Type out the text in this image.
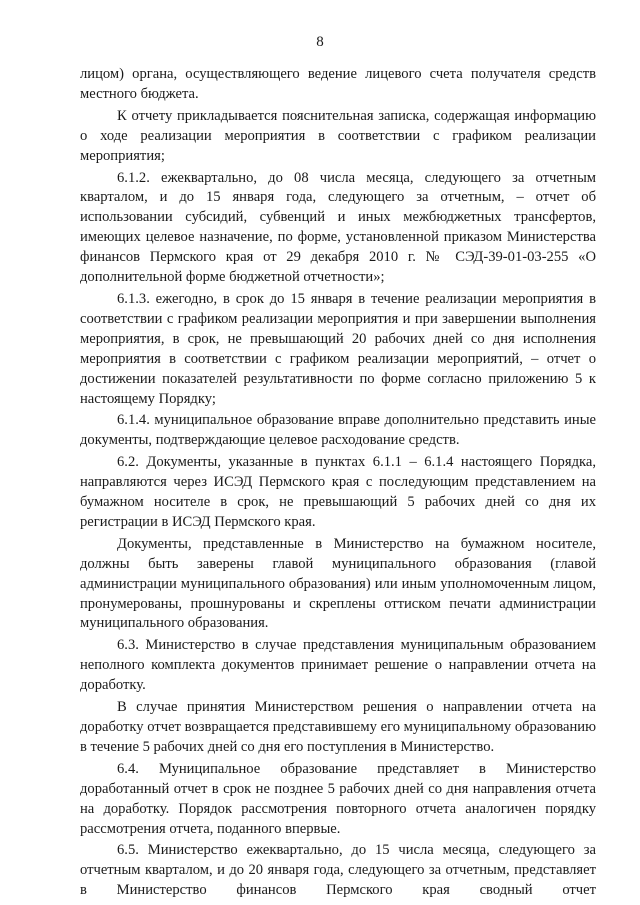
8

лицом) органа, осуществляющего ведение лицевого счета получателя средств местного бюджета.

К отчету прикладывается пояснительная записка, содержащая информацию о ходе реализации мероприятия в соответствии с графиком реализации мероприятия;

6.1.2. ежеквартально, до 08 числа месяца, следующего за отчетным кварталом, и до 15 января года, следующего за отчетным, – отчет об использовании субсидий, субвенций и иных межбюджетных трансфертов, имеющих целевое назначение, по форме, установленной приказом Министерства финансов Пермского края от 29 декабря 2010 г. № СЭД-39-01-03-255 «О дополнительной форме бюджетной отчетности»;

6.1.3. ежегодно, в срок до 15 января в течение реализации мероприятия в соответствии с графиком реализации мероприятия и при завершении выполнения мероприятия, в срок, не превышающий 20 рабочих дней со дня исполнения мероприятия в соответствии с графиком реализации мероприятий, – отчет о достижении показателей результативности по форме согласно приложению 5 к настоящему Порядку;

6.1.4. муниципальное образование вправе дополнительно представить иные документы, подтверждающие целевое расходование средств.

6.2. Документы, указанные в пунктах 6.1.1 – 6.1.4 настоящего Порядка, направляются через ИСЭД Пермского края с последующим представлением на бумажном носителе в срок, не превышающий 5 рабочих дней со дня их регистрации в ИСЭД Пермского края.

Документы, представленные в Министерство на бумажном носителе, должны быть заверены главой муниципального образования (главой администрации муниципального образования) или иным уполномоченным лицом, пронумерованы, прошнурованы и скреплены оттиском печати администрации муниципального образования.

6.3. Министерство в случае представления муниципальным образованием неполного комплекта документов принимает решение о направлении отчета на доработку.

В случае принятия Министерством решения о направлении отчета на доработку отчет возвращается представившему его муниципальному образованию в течение 5 рабочих дней со дня его поступления в Министерство.

6.4. Муниципальное образование представляет в Министерство доработанный отчет в срок не позднее 5 рабочих дней со дня направления отчета на доработку. Порядок рассмотрения повторного отчета аналогичен порядку рассмотрения отчета, поданного впервые.

6.5. Министерство ежеквартально, до 15 числа месяца, следующего за отчетным кварталом, и до 20 января года, следующего за отчетным, представляет в Министерство финансов Пермского края сводный отчет
